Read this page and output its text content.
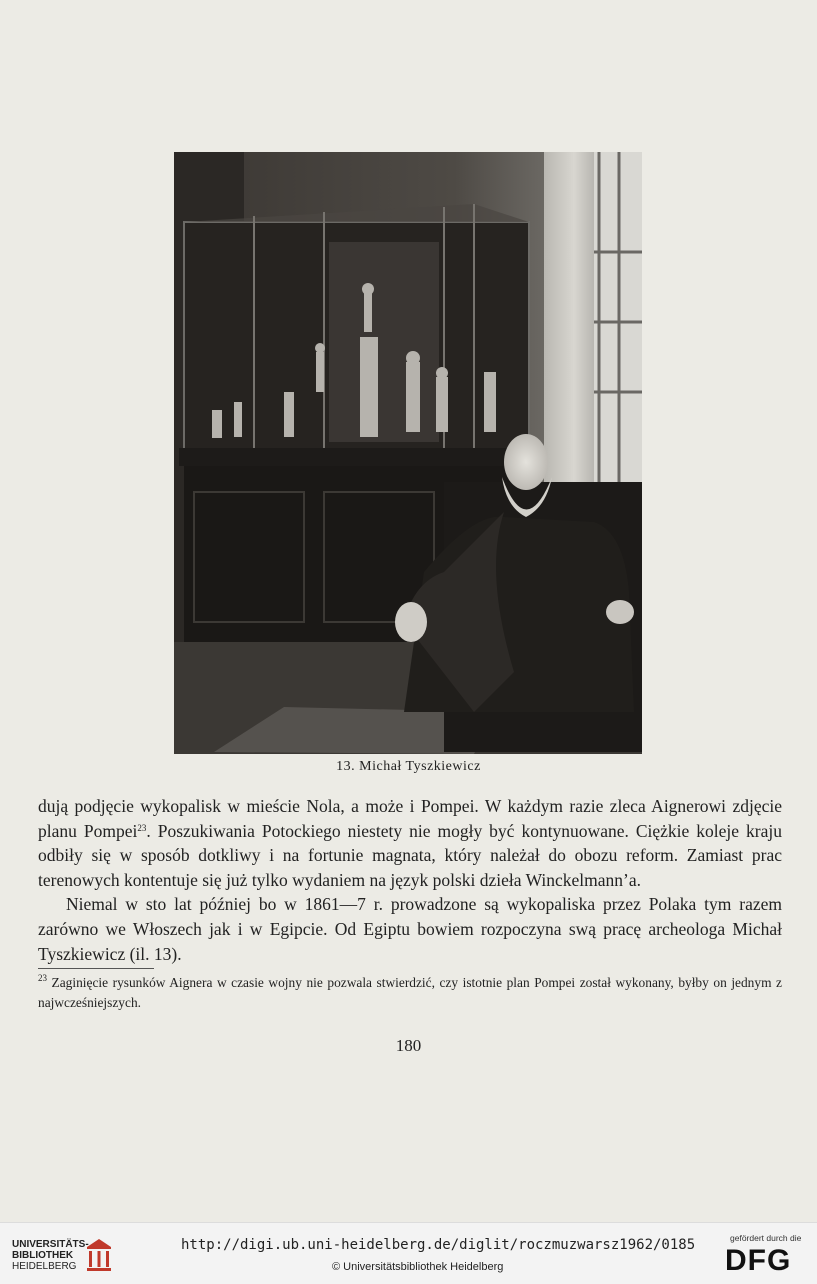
13. Michał Tyszkiewicz

dują podjęcie wykopalisk w mieście Nola, a może i Pompei. W każdym razie zleca Aignerowi zdjęcie planu Pompei$^{23}$. Poszukiwania Potockiego niestety nie mogły być kontynuowane. Ciężkie koleje kraju odbiły się w sposób dotkliwy i na fortunie magnata, który należał do obozu reform. Zamiast prac terenowych kontentuje się już tylko wydaniem na język polski dzieła Winckelmann’a.

Niemal w sto lat później bo w 1861—7 r. prowadzone są wykopaliska przez Polaka tym razem zarówno we Włoszech jak i w Egipcie. Od Egiptu bowiem rozpoczyna swą pracę archeologa Michał Tyszkiewicz (il. 13).

$^{23}$ Zaginięcie rysunków Aignera w czasie wojny nie pozwala stwierdzić, czy istotnie plan Pompei został wykonany, byłby on jednym z najwcześniejszych.
180
UNIVERSITÄTS-
BIBLIOTHEK
HEIDELBERG
http://digi.ub.uni-heidelberg.de/diglit/roczmuzwarsz1962/0185
© Universitätsbibliothek Heidelberg
gefördert durch die
DFG
